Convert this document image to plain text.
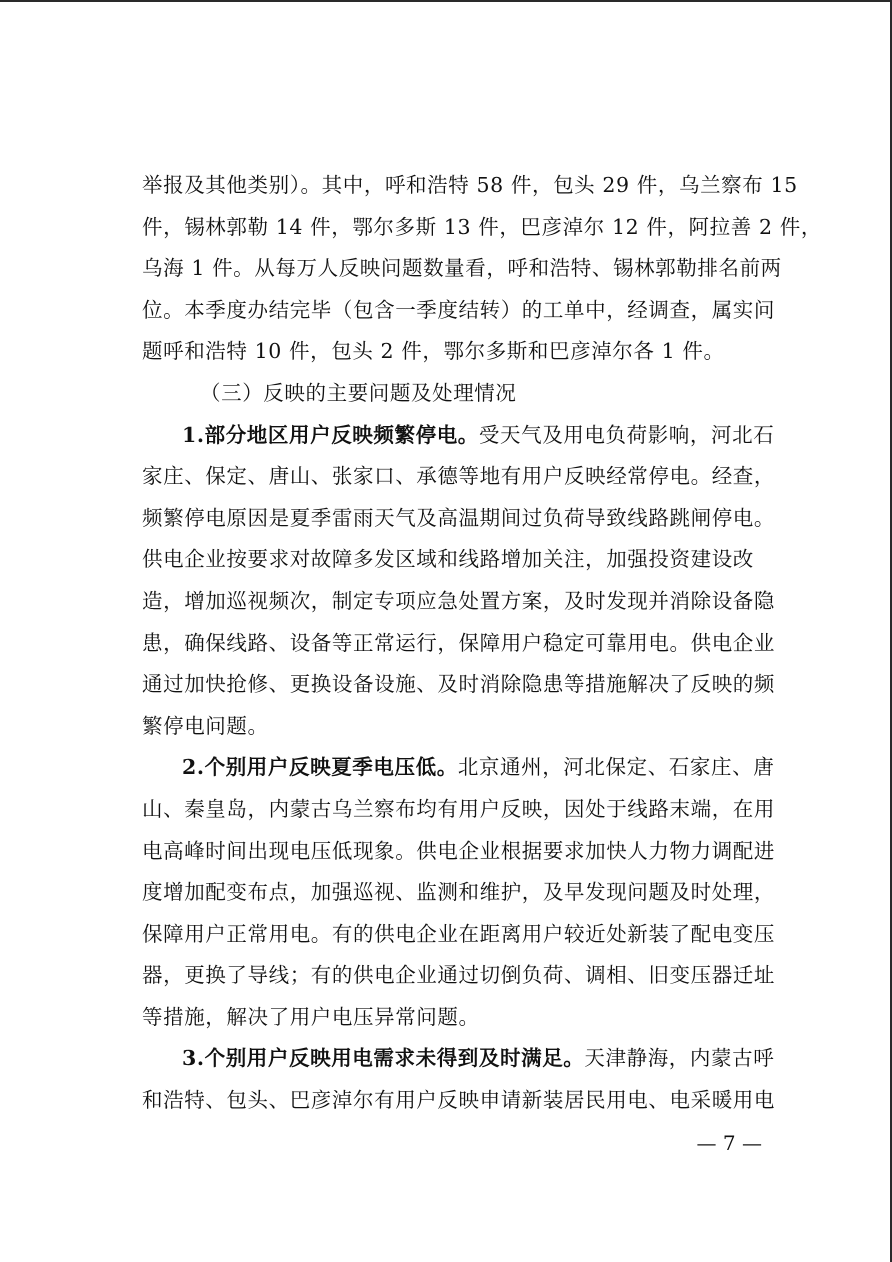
举报及其他类别）。其中，呼和浩特 58 件，包头 29 件，乌兰察布 15
件，锡林郭勒 14 件，鄂尔多斯 13 件，巴彦淖尔 12 件，阿拉善 2 件，
乌海 1 件。从每万人反映问题数量看，呼和浩特、锡林郭勒排名前两
位。本季度办结完毕（包含一季度结转）的工单中，经调查，属实问
题呼和浩特 10 件，包头 2 件，鄂尔多斯和巴彦淖尔各 1 件。
（三）反映的主要问题及处理情况
1.部分地区用户反映频繁停电。受天气及用电负荷影响，河北石
家庄、保定、唐山、张家口、承德等地有用户反映经常停电。经查，
频繁停电原因是夏季雷雨天气及高温期间过负荷导致线路跳闸停电。
供电企业按要求对故障多发区域和线路增加关注，加强投资建设改
造，增加巡视频次，制定专项应急处置方案，及时发现并消除设备隐
患，确保线路、设备等正常运行，保障用户稳定可靠用电。供电企业
通过加快抢修、更换设备设施、及时消除隐患等措施解决了反映的频
繁停电问题。
2.个别用户反映夏季电压低。北京通州，河北保定、石家庄、唐
山、秦皇岛，内蒙古乌兰察布均有用户反映，因处于线路末端，在用
电高峰时间出现电压低现象。供电企业根据要求加快人力物力调配进
度增加配变布点，加强巡视、监测和维护，及早发现问题及时处理，
保障用户正常用电。有的供电企业在距离用户较近处新装了配电变压
器，更换了导线；有的供电企业通过切倒负荷、调相、旧变压器迁址
等措施，解决了用户电压异常问题。
3.个别用户反映用电需求未得到及时满足。天津静海，内蒙古呼
和浩特、包头、巴彦淖尔有用户反映申请新装居民用电、电采暖用电
— 7 —
